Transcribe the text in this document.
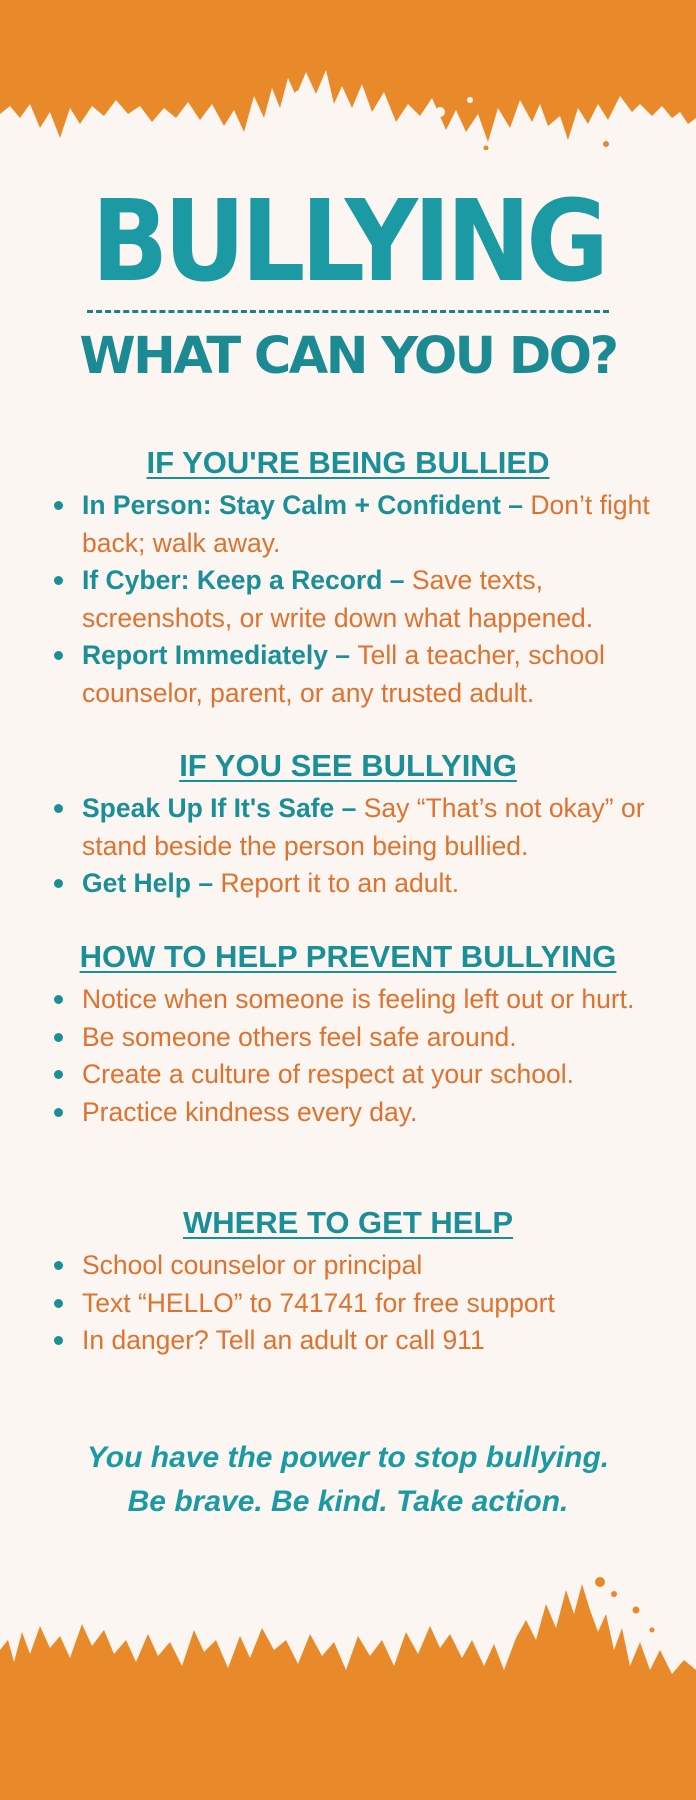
BULLYING
WHAT CAN YOU DO?
IF YOU'RE BEING BULLIED
In Person: Stay Calm + Confident – Don’t fight back; walk away.
If Cyber: Keep a Record – Save texts, screenshots, or write down what happened.
Report Immediately – Tell a teacher, school counselor, parent, or any trusted adult.
IF YOU SEE BULLYING
Speak Up If It's Safe – Say “That’s not okay” or stand beside the person being bullied.
Get Help – Report it to an adult.
HOW TO HELP PREVENT BULLYING
Notice when someone is feeling left out or hurt.
Be someone others feel safe around.
Create a culture of respect at your school.
Practice kindness every day.
WHERE TO GET HELP
School counselor or principal
Text “HELLO” to 741741 for free support
In danger? Tell an adult or call 911
You have the power to stop bullying.
Be brave. Be kind. Take action.
